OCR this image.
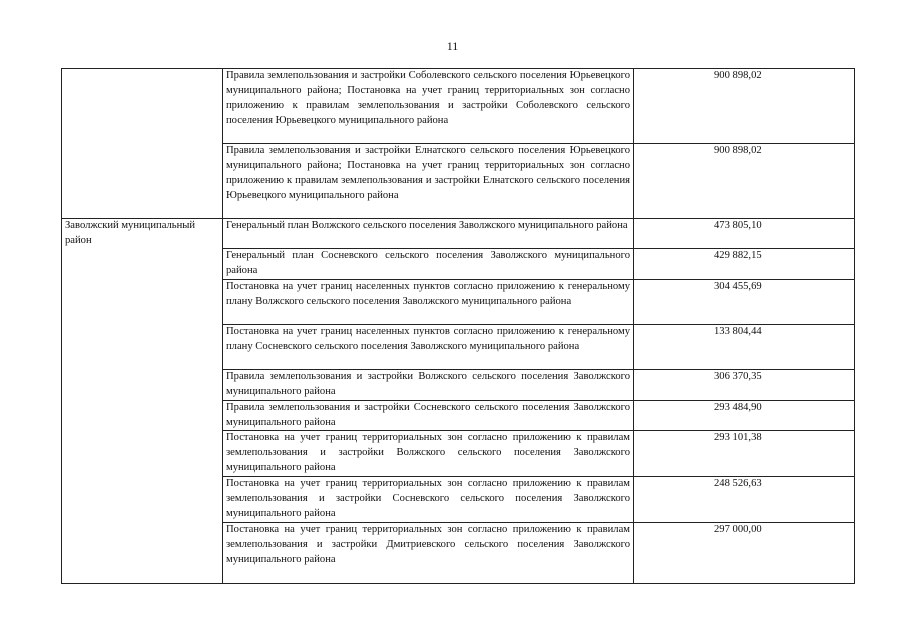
11
	Правила землепользования и застройки Соболевского сельского поселения Юрьевецкого муниципального района; Постановка на учет границ территориальных зон согласно приложению к правилам землепользования и застройки Соболевского сельского поселения Юрьевецкого муниципального района	900 898,02
	Правила землепользования и застройки Елнатского сельского поселения Юрьевецкого муниципального района; Постановка на учет границ территориальных зон согласно приложению к правилам землепользования и застройки Елнатского сельского поселения Юрьевецкого муниципального района	900 898,02
Заволжский муниципальный район	Генеральный план Волжского сельского поселения Заволжского муниципального района	473 805,10
	Генеральный план Сосневского сельского поселения Заволжского муниципального района	429 882,15
	Постановка на учет границ населенных пунктов согласно приложению к генеральному плану Волжского сельского поселения Заволжского муниципального района	304 455,69
	Постановка на учет границ населенных пунктов согласно приложению к генеральному плану Сосневского сельского поселения Заволжского муниципального района	133 804,44
	Правила землепользования и застройки Волжского сельского поселения Заволжского муниципального района	306 370,35
	Правила землепользования и застройки Сосневского сельского поселения Заволжского муниципального района	293 484,90
	Постановка на учет границ территориальных зон согласно приложению к правилам землепользования и застройки Волжского сельского поселения Заволжского муниципального района	293 101,38
	Постановка на учет границ территориальных зон согласно приложению к правилам землепользования и застройки Сосневского сельского поселения Заволжского муниципального района	248 526,63
	Постановка на учет границ территориальных зон согласно приложению к правилам землепользования и застройки Дмитриевского сельского поселения Заволжского муниципального района	297 000,00
